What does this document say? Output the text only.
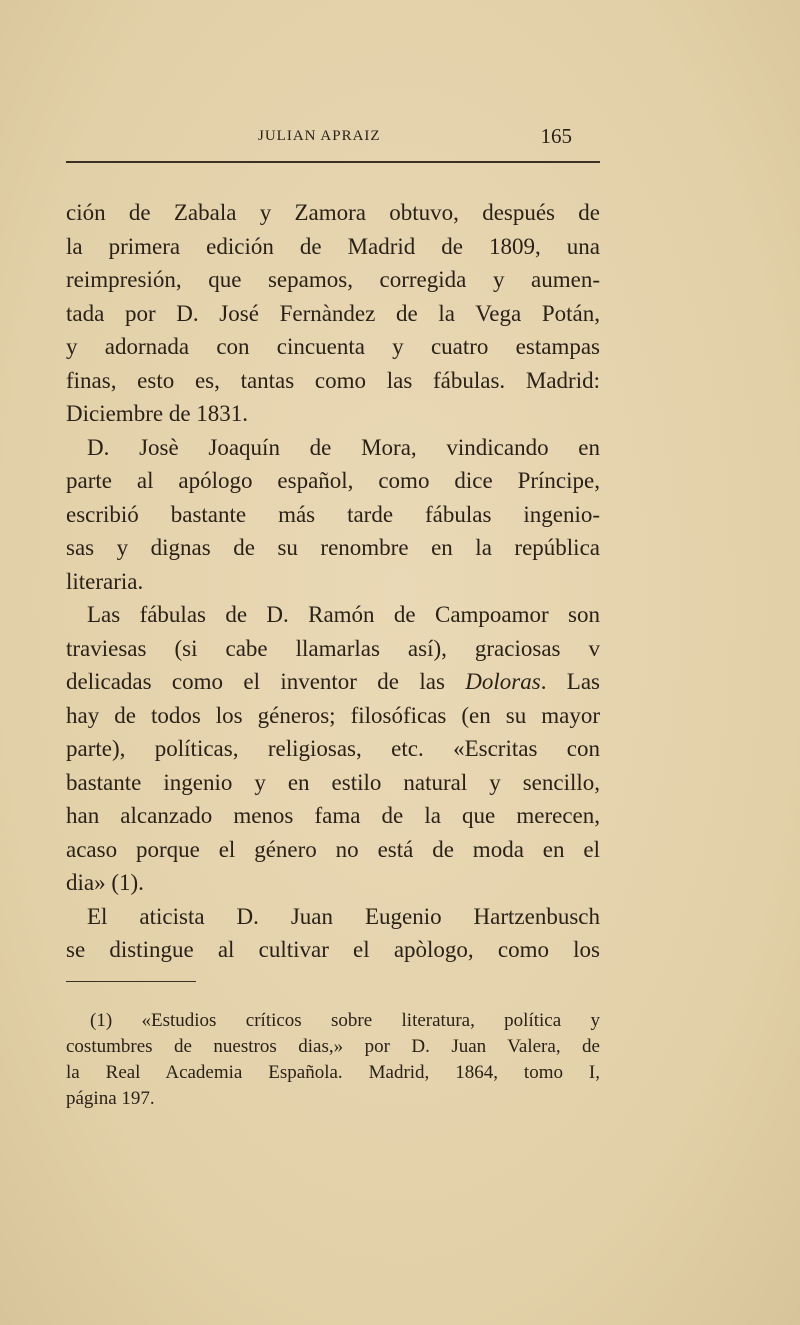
JULIAN APRAIZ	165
ción de Zabala y Zamora obtuvo, después de
la primera edición de Madrid de 1809, una
reimpresión, que sepamos, corregida y aumen-
tada por D. José Fernàndez de la Vega Potán,
y adornada con cincuenta y cuatro estampas
finas, esto es, tantas como las fábulas. Madrid:
Diciembre de 1831.
D. Josè Joaquín de Mora, vindicando en
parte al apólogo español, como dice Príncipe,
escribió bastante más tarde fábulas ingenio-
sas y dignas de su renombre en la república
literaria.
Las fábulas de D. Ramón de Campoamor son
traviesas (si cabe llamarlas así), graciosas v
delicadas como el inventor de las Doloras. Las
hay de todos los géneros; filosóficas (en su mayor
parte), políticas, religiosas, etc. «Escritas con
bastante ingenio y en estilo natural y sencillo,
han alcanzado menos fama de la que merecen,
acaso porque el género no está de moda en el
dia» (1).
El aticista D. Juan Eugenio Hartzenbusch
se distingue al cultivar el apòlogo, como los
(1) «Estudios críticos sobre literatura, política y
costumbres de nuestros dias,» por D. Juan Valera, de
la Real Academia Española. Madrid, 1864, tomo I,
página 197.
